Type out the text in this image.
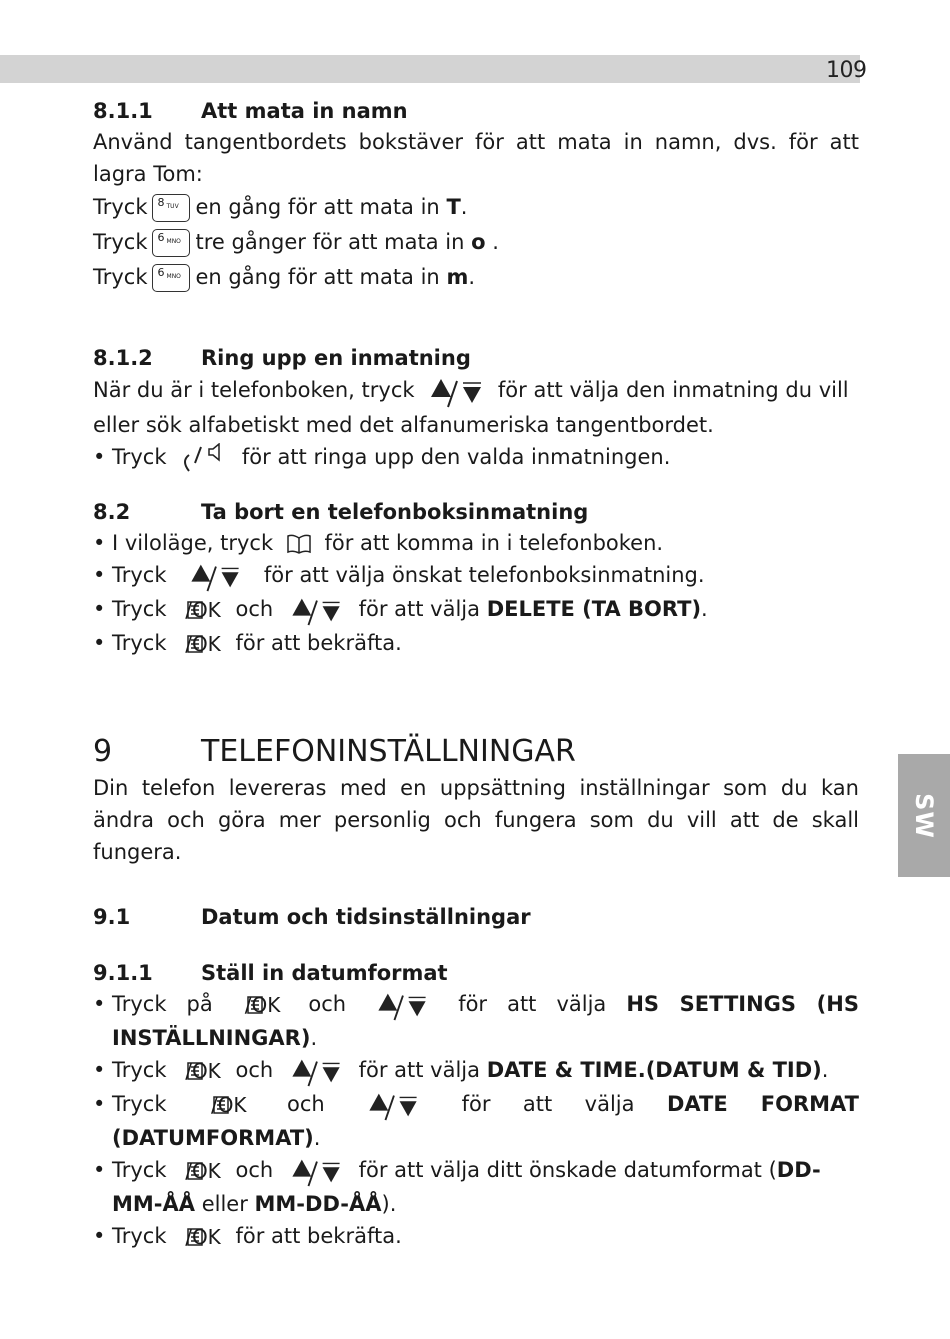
109
SW
8.1.1	Att mata in namn

Använd tangentbordets bokstäver för att mata in namn, dvs. för att lagra Tom:

Tryck 8 TUV en gång för att mata in
T .
Tryck 6 MNO tre gånger för att mata in
o .
Tryck 6 MNO en gång för att mata in
m .
8.1.2	Ring upp en inmatning

När du är i telefonboken, tryck	för att välja den inmatning du vill eller sök alfabetiskt med det alfanumeriska tangentbordet.

• Tryck	för att ringa upp den valda inmatningen.

8.2	Ta bort en telefonboksinmatning

• I viloläge, tryck för att komma in i telefonboken.

• Tryck	för att välja önskat telefonboksinmatning.

• Tryck /OK och	för att välja DELETE (TA BORT).

• Tryck /OK för att bekräfta.

9	TELEFONINSTÄLLNINGAR

Din telefon levereras med en uppsättning inställningar som du kan ändra och göra mer personlig och fungera som du vill att de skall fungera.

9.1	Datum och tidsinställningar
9.1.1	Ställ in datumformat

• Tryck på /OK och	för att välja HS SETTINGS (HS INSTÄLLNINGAR).

• Tryck /OK och	för att välja DATE & TIME.(DATUM & TID).

• Tryck /OK och	för att välja DATE FORMAT (DATUMFORMAT).

• Tryck /OK och	för att välja ditt önskade datumformat (DD-MM-ÅÅ eller MM-DD-ÅÅ).

• Tryck /OK för att bekräfta.
